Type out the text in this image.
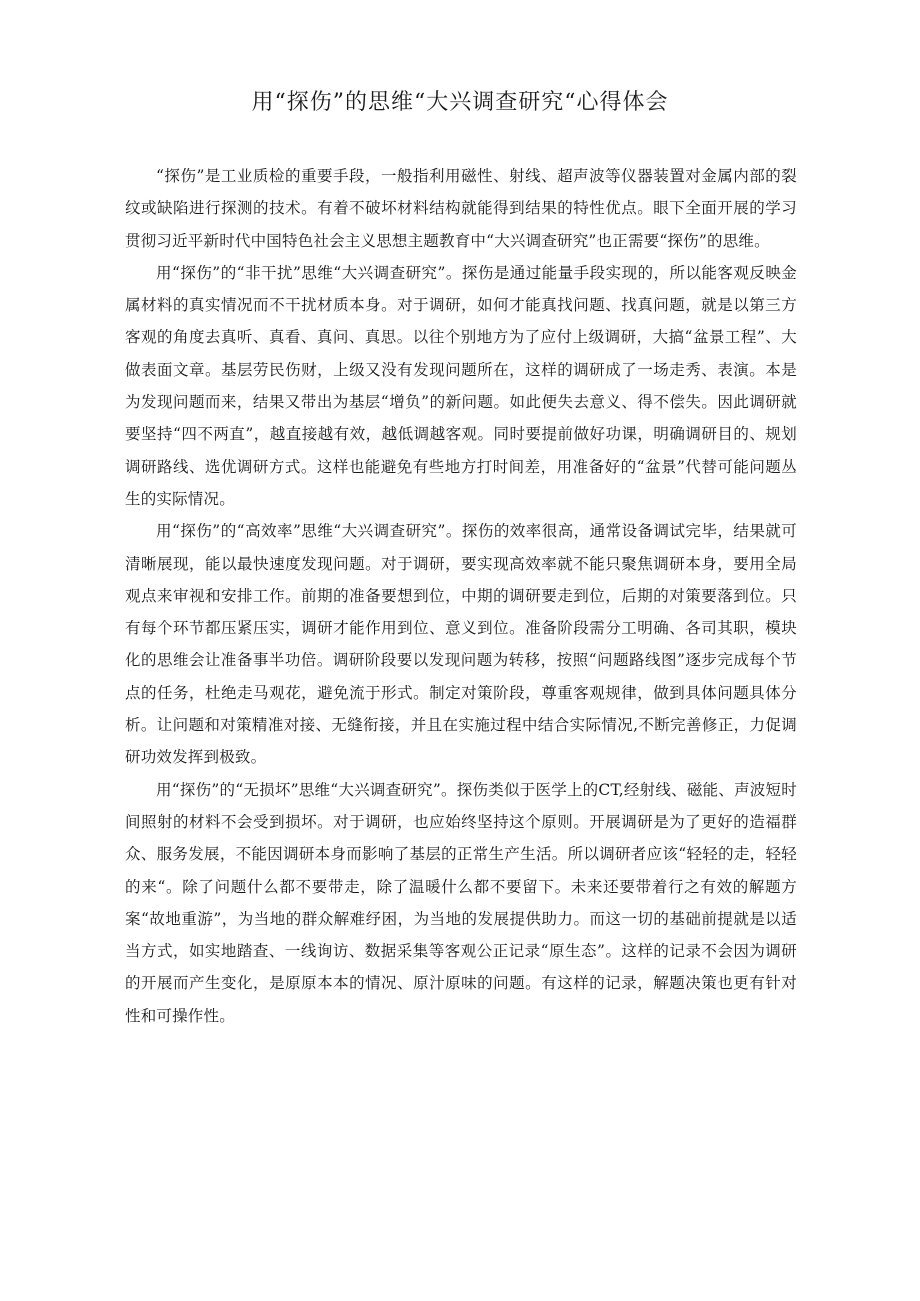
用“探伤”的思维“大兴调查研究“心得体会

“探伤”是工业质检的重要手段，一般指利用磁性、射线、超声波等仪器装置对金属内部的裂纹或缺陷进行探测的技术。有着不破坏材料结构就能得到结果的特性优点。眼下全面开展的学习贯彻习近平新时代中国特色社会主义思想主题教育中“大兴调查研究”也正需要“探伤”的思维。

用“探伤”的“非干扰”思维“大兴调查研究”。探伤是通过能量手段实现的，所以能客观反映金属材料的真实情况而不干扰材质本身。对于调研，如何才能真找问题、找真问题，就是以第三方客观的角度去真听、真看、真问、真思。以往个别地方为了应付上级调研，大搞“盆景工程”、大做表面文章。基层劳民伤财，上级又没有发现问题所在，这样的调研成了一场走秀、表演。本是为发现问题而来，结果又带出为基层“增负”的新问题。如此便失去意义、得不偿失。因此调研就要坚持“四不两直”，越直接越有效，越低调越客观。同时要提前做好功课，明确调研目的、规划调研路线、选优调研方式。这样也能避免有些地方打时间差，用准备好的“盆景”代替可能问题丛生的实际情况。

用“探伤”的“高效率”思维“大兴调查研究”。探伤的效率很高，通常设备调试完毕，结果就可清晰展现，能以最快速度发现问题。对于调研，要实现高效率就不能只聚焦调研本身，要用全局观点来审视和安排工作。前期的准备要想到位，中期的调研要走到位，后期的对策要落到位。只有每个环节都压紧压实，调研才能作用到位、意义到位。准备阶段需分工明确、各司其职，模块化的思维会让准备事半功倍。调研阶段要以发现问题为转移，按照“问题路线图”逐步完成每个节点的任务，杜绝走马观花，避免流于形式。制定对策阶段，尊重客观规律，做到具体问题具体分析。让问题和对策精准对接、无缝衔接，并且在实施过程中结合实际情况,不断完善修正，力促调研功效发挥到极致。

用“探伤”的“无损坏”思维“大兴调查研究”。探伤类似于医学上的CT,经射线、磁能、声波短时间照射的材料不会受到损坏。对于调研，也应始终坚持这个原则。开展调研是为了更好的造福群众、服务发展，不能因调研本身而影响了基层的正常生产生活。所以调研者应该“轻轻的走，轻轻的来“。除了问题什么都不要带走，除了温暖什么都不要留下。未来还要带着行之有效的解题方案“故地重游”，为当地的群众解难纾困，为当地的发展提供助力。而这一切的基础前提就是以适当方式，如实地踏查、一线询访、数据采集等客观公正记录“原生态”。这样的记录不会因为调研的开展而产生变化，是原原本本的情况、原汁原味的问题。有这样的记录，解题决策也更有针对性和可操作性。
